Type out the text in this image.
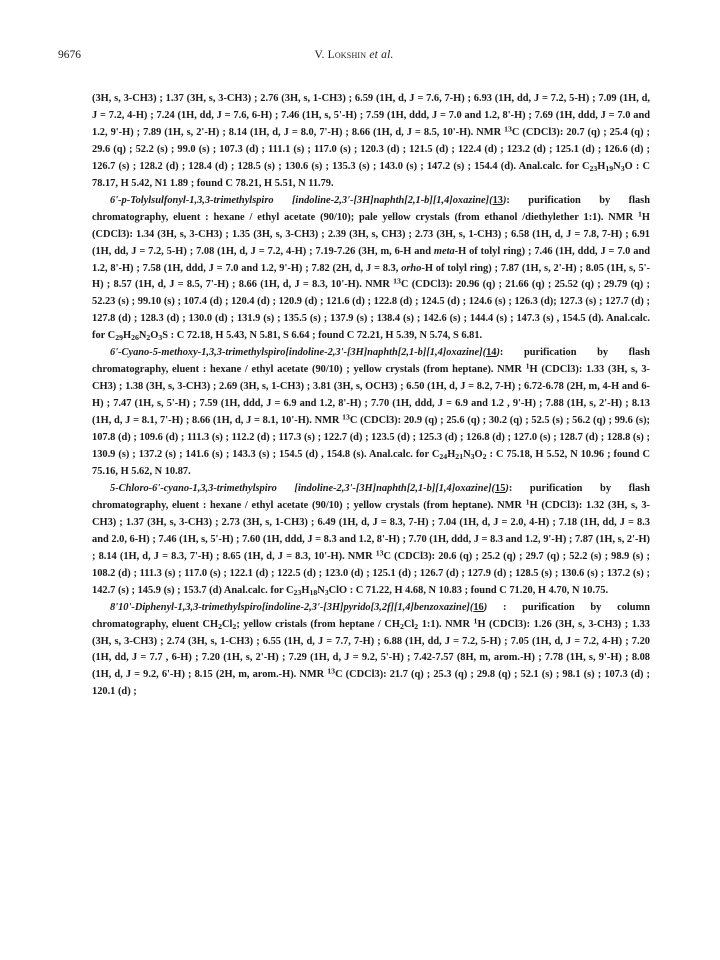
9676	V. Lokshin et al.

(3H, s, 3-CH3) ; 1.37 (3H, s, 3-CH3) ; 2.76 (3H, s, 1-CH3) ; 6.59 (1H, d, J = 7.6, 7-H) ; 6.93 (1H, dd, J = 7.2, 5-H) ; 7.09 (1H, d, J = 7.2, 4-H) ; 7.24 (1H, dd, J = 7.6, 6-H) ; 7.46 (1H, s, 5'-H) ; 7.59 (1H, ddd, J = 7.0 and 1.2, 8'-H) ; 7.69 (1H, ddd, J = 7.0 and 1.2, 9'-H) ; 7.89 (1H, s, 2'-H) ; 8.14 (1H, d, J = 8.0, 7'-H) ; 8.66 (1H, d, J = 8.5, 10'-H). NMR $^{13}$C (CDCl3): 20.7 (q) ; 25.4 (q) ; 29.6 (q) ; 52.2 (s) ; 99.0 (s) ; 107.3 (d) ; 111.1 (s) ; 117.0 (s) ; 120.3 (d) ; 121.5 (d) ; 122.4 (d) ; 123.2 (d) ; 125.1 (d) ; 126.6 (d) ; 126.7 (s) ; 128.2 (d) ; 128.4 (d) ; 128.5 (s) ; 130.6 (s) ; 135.3 (s) ; 143.0 (s) ; 147.2 (s) ; 154.4 (d). Anal.calc. for $C_{23}H_{19}N_3O$ : C 78.17, H 5.42, N1 1.89 ; found C 78.21, H 5.51, N 11.79.

6'-p-Tolylsulfonyl-1,3,3-trimethylspiro [indoline-2,3'-[3H]naphth[2,1-b][1,4]oxazine](13): purification by flash chromatography, eluent : hexane / ethyl acetate (90/10); pale yellow crystals (from ethanol /diethylether 1:1). NMR $^1$H (CDCl3): 1.34 (3H, s, 3-CH3) ; 1.35 (3H, s, 3-CH3) ; 2.39 (3H, s, CH3) ; 2.73 (3H, s, 1-CH3) ; 6.58 (1H, d, J = 7.8, 7-H) ; 6.91 (1H, dd, J = 7.2, 5-H) ; 7.08 (1H, d, J = 7.2, 4-H) ; 7.19-7.26 (3H, m, 6-H and meta-H of tolyl ring) ; 7.46 (1H, ddd, J = 7.0 and 1.2, 8'-H) ; 7.58 (1H, ddd, J = 7.0 and 1.2, 9'-H) ; 7.82 (2H, d, J = 8.3, orho-H of tolyl ring) ; 7.87 (1H, s, 2'-H) ; 8.05 (1H, s, 5'-H) ; 8.57 (1H, d, J = 8.5, 7'-H) ; 8.66 (1H, d, J = 8.3, 10'-H). NMR $^{13}$C (CDCl3): 20.96 (q) ; 21.66 (q) ; 25.52 (q) ; 29.79 (q) ; 52.23 (s) ; 99.10 (s) ; 107.4 (d) ; 120.4 (d) ; 120.9 (d) ; 121.6 (d) ; 122.8 (d) ; 124.5 (d) ; 124.6 (s) ; 126.3 (d); 127.3 (s) ; 127.7 (d) ; 127.8 (d) ; 128.3 (d) ; 130.0 (d) ; 131.9 (s) ; 135.5 (s) ; 137.9 (s) ; 138.4 (s) ; 142.6 (s) ; 144.4 (s) ; 147.3 (s) , 154.5 (d). Anal.calc. for $C_{29}H_{26}N_2O_3S$ : C 72.18, H 5.43, N 5.81, S 6.64 ; found C 72.21, H 5.39, N 5.74, S 6.81.

6'-Cyano-5-methoxy-1,3,3-trimethylspiro[indoline-2,3'-[3H]naphth[2,1-b][1,4]oxazine](14): purification by flash chromatography, eluent : hexane / ethyl acetate (90/10) ; yellow crystals (from heptane). NMR $^1$H (CDCl3): 1.33 (3H, s, 3-CH3) ; 1.38 (3H, s, 3-CH3) ; 2.69 (3H, s, 1-CH3) ; 3.81 (3H, s, OCH3) ; 6.50 (1H, d, J = 8.2, 7-H) ; 6.72-6.78 (2H, m, 4-H and 6-H) ; 7.47 (1H, s, 5'-H) ; 7.59 (1H, ddd, J = 6.9 and 1.2, 8'-H) ; 7.70 (1H, ddd, J = 6.9 and 1.2 , 9'-H) ; 7.88 (1H, s, 2'-H) ; 8.13 (1H, d, J = 8.1, 7'-H) ; 8.66 (1H, d, J = 8.1, 10'-H). NMR $^{13}$C (CDCl3): 20.9 (q) ; 25.6 (q) ; 30.2 (q) ; 52.5 (s) ; 56.2 (q) ; 99.6 (s); 107.8 (d) ; 109.6 (d) ; 111.3 (s) ; 112.2 (d) ; 117.3 (s) ; 122.7 (d) ; 123.5 (d) ; 125.3 (d) ; 126.8 (d) ; 127.0 (s) ; 128.7 (d) ; 128.8 (s) ; 130.9 (s) ; 137.2 (s) ; 141.6 (s) ; 143.3 (s) ; 154.5 (d) , 154.8 (s). Anal.calc. for $C_{24}H_{21}N_3O_2$ : C 75.18, H 5.52, N 10.96 ; found C 75.16, H 5.62, N 10.87.

5-Chloro-6'-cyano-1,3,3-trimethylspiro [indoline-2,3'-[3H]naphth[2,1-b][1,4]oxazine](15): purification by flash chromatography, eluent : hexane / ethyl acetate (90/10) ; yellow crystals (from heptane). NMR $^1$H (CDCl3): 1.32 (3H, s, 3-CH3) ; 1.37 (3H, s, 3-CH3) ; 2.73 (3H, s, 1-CH3) ; 6.49 (1H, d, J = 8.3, 7-H) ; 7.04 (1H, d, J = 2.0, 4-H) ; 7.18 (1H, dd, J = 8.3 and 2.0, 6-H) ; 7.46 (1H, s, 5'-H) ; 7.60 (1H, ddd, J = 8.3 and 1.2, 8'-H) ; 7.70 (1H, ddd, J = 8.3 and 1.2, 9'-H) ; 7.87 (1H, s, 2'-H) ; 8.14 (1H, d, J = 8.3, 7'-H) ; 8.65 (1H, d, J = 8.3, 10'-H). NMR $^{13}$C (CDCl3): 20.6 (q) ; 25.2 (q) ; 29.7 (q) ; 52.2 (s) ; 98.9 (s) ; 108.2 (d) ; 111.3 (s) ; 117.0 (s) ; 122.1 (d) ; 122.5 (d) ; 123.0 (d) ; 125.1 (d) ; 126.7 (d) ; 127.9 (d) ; 128.5 (s) ; 130.6 (s) ; 137.2 (s) ; 142.7 (s) ; 145.9 (s) ; 153.7 (d) Anal.calc. for $C_{23}H_{18}N_3ClO$ : C 71.22, H 4.68, N 10.83 ; found C 71.20, H 4.70, N 10.75.

8'10'-Diphenyl-1,3,3-trimethylspiro[indoline-2,3'-[3H]pyrido[3,2f][1,4]benzoxazine](16) : purification by column chromatography, eluent $CH_2Cl_2$; yellow cristals (from heptane / $CH_2Cl_2$ 1:1). NMR $^1$H (CDCl3): 1.26 (3H, s, 3-CH3) ; 1.33 (3H, s, 3-CH3) ; 2.74 (3H, s, 1-CH3) ; 6.55 (1H, d, J = 7.7, 7-H) ; 6.88 (1H, dd, J = 7.2, 5-H) ; 7.05 (1H, d, J = 7.2, 4-H) ; 7.20 (1H, dd, J = 7.7 , 6-H) ; 7.20 (1H, s, 2'-H) ; 7.29 (1H, d, J = 9.2, 5'-H) ; 7.42-7.57 (8H, m, arom.-H) ; 7.78 (1H, s, 9'-H) ; 8.08 (1H, d, J = 9.2, 6'-H) ; 8.15 (2H, m, arom.-H). NMR $^{13}$C (CDCl3): 21.7 (q) ; 25.3 (q) ; 29.8 (q) ; 52.1 (s) ; 98.1 (s) ; 107.3 (d) ; 120.1 (d) ;
